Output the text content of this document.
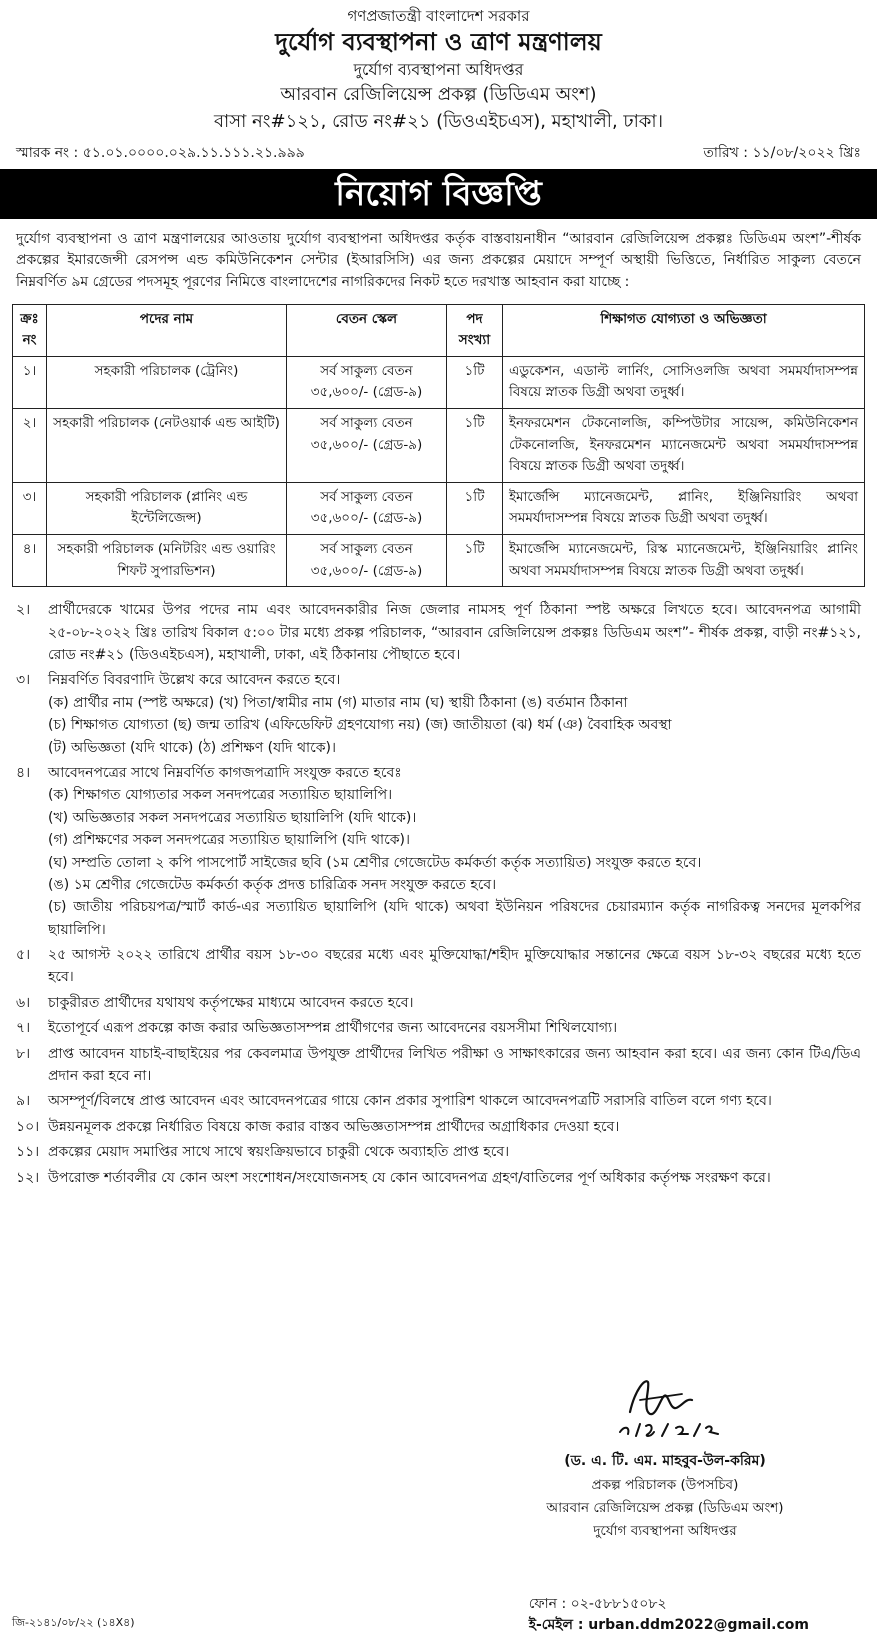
গণপ্রজাতন্ত্রী বাংলাদেশ সরকার
দুর্যোগ ব্যবস্থাপনা ও ত্রাণ মন্ত্রণালয়
দুর্যোগ ব্যবস্থাপনা অধিদপ্তর
আরবান রেজিলিয়েন্স প্রকল্প (ডিডিএম অংশ)
বাসা নং#১২১, রোড নং#২১ (ডিওএইচএস), মহাখালী, ঢাকা।
স্মারক নং : ৫১.০১.০০০০.০২৯.১১.১১১.২১.৯৯৯	তারিখ : ১১/০৮/২০২২ খ্রিঃ
নিয়োগ বিজ্ঞপ্তি
দুর্যোগ ব্যবস্থাপনা ও ত্রাণ মন্ত্রণালয়ের আওতায় দুর্যোগ ব্যবস্থাপনা অধিদপ্তর কর্তৃক বাস্তবায়নাধীন “আরবান রেজিলিয়েন্স প্রকল্পঃ ডিডিএম অংশ”-শীর্ষক প্রকল্পের ইমারজেন্সী রেসপন্স এন্ড কমিউনিকেশন সেন্টার (ইআরসিসি) এর জন্য প্রকল্পের মেয়াদে সম্পূর্ণ অস্থায়ী ভিত্তিতে, নির্ধারিত সাকুল্য বেতনে নিম্নবর্ণিত ৯ম গ্রেডের পদসমূহ পূরণের নিমিত্তে বাংলাদেশের নাগরিকদের নিকট হতে দরখাস্ত আহবান করা যাচ্ছে :
ক্রঃ নং	পদের নাম	বেতন স্কেল	পদ সংখ্যা	শিক্ষাগত যোগ্যতা ও অভিজ্ঞতা
১।	সহকারী পরিচালক (ট্রেনিং)	সর্ব সাকুল্য বেতন ৩৫,৬০০/- (গ্রেড-৯)	১টি	এডুকেশন, এডাল্ট লার্নিং, সোসিওলজি অথবা সমমর্যাদাসম্পন্ন বিষয়ে স্নাতক ডিগ্রী অথবা তদুর্ধ্ব।
২।	সহকারী পরিচালক (নেটওয়ার্ক এন্ড আইটি)	সর্ব সাকুল্য বেতন ৩৫,৬০০/- (গ্রেড-৯)	১টি	ইনফরমেশন টেকনোলজি, কম্পিউটার সায়েন্স, কমিউনিকেশন টেকনোলজি, ইনফরমেশন ম্যানেজমেন্ট অথবা সমমর্যাদাসম্পন্ন বিষয়ে স্নাতক ডিগ্রী অথবা তদুর্ধ্ব।
৩।	সহকারী পরিচালক (প্লানিং এন্ড ইন্টেলিজেন্স)	সর্ব সাকুল্য বেতন ৩৫,৬০০/- (গ্রেড-৯)	১টি	ইমার্জেন্সি ম্যানেজমেন্ট, প্লানিং, ইঞ্জিনিয়ারিং অথবা সমমর্যাদাসম্পন্ন বিষয়ে স্নাতক ডিগ্রী অথবা তদুর্ধ্ব।
৪।	সহকারী পরিচালক (মনিটরিং এন্ড ওয়ারিং শিফট সুপারভিশন)	সর্ব সাকুল্য বেতন ৩৫,৬০০/- (গ্রেড-৯)	১টি	ইমার্জেন্সি ম্যানেজমেন্ট, রিস্ক ম্যানেজমেন্ট, ইঞ্জিনিয়ারিং প্লানিং অথবা সমমর্যাদাসম্পন্ন বিষয়ে স্নাতক ডিগ্রী অথবা তদুর্ধ্ব।
২।	প্রার্থীদেরকে খামের উপর পদের নাম এবং আবেদনকারীর নিজ জেলার নামসহ পূর্ণ ঠিকানা স্পষ্ট অক্ষরে লিখতে হবে। আবেদনপত্র আগামী ২৫-০৮-২০২২ খ্রিঃ তারিখ বিকাল ৫:০০ টার মধ্যে প্রকল্প পরিচালক, “আরবান রেজিলিয়েন্স প্রকল্পঃ ডিডিএম অংশ”- শীর্ষক প্রকল্প, বাড়ী নং#১২১, রোড নং#২১ (ডিওএইচএস), মহাখালী, ঢাকা, এই ঠিকানায় পৌছাতে হবে।
৩।	নিম্নবর্ণিত বিবরণাদি উল্লেখ করে আবেদন করতে হবে।
(ক) প্রার্থীর নাম (স্পষ্ট অক্ষরে) (খ) পিতা/স্বামীর নাম (গ) মাতার নাম (ঘ) স্থায়ী ঠিকানা (ঙ) বর্তমান ঠিকানা
(চ) শিক্ষাগত যোগ্যতা (ছ) জন্ম তারিখ (এফিডেফিট গ্রহণযোগ্য নয়) (জ) জাতীয়তা (ঝ) ধর্ম (ঞ) বৈবাহিক অবস্থা
(ট) অভিজ্ঞতা (যদি থাকে) (ঠ) প্রশিক্ষণ (যদি থাকে)।
৪।	আবেদনপত্রের সাথে নিম্নবর্ণিত কাগজপত্রাদি সংযুক্ত করতে হবেঃ
(ক) শিক্ষাগত যোগ্যতার সকল সনদপত্রের সত্যায়িত ছায়ালিপি।
(খ) অভিজ্ঞতার সকল সনদপত্রের সত্যায়িত ছায়ালিপি (যদি থাকে)।
(গ) প্রশিক্ষণের সকল সনদপত্রের সত্যায়িত ছায়ালিপি (যদি থাকে)।
(ঘ) সম্প্রতি তোলা ২ কপি পাসপোর্ট সাইজের ছবি (১ম শ্রেণীর গেজেটেড কর্মকর্তা কর্তৃক সত্যায়িত) সংযুক্ত করতে হবে।
(ঙ) ১ম শ্রেণীর গেজেটেড কর্মকর্তা কর্তৃক প্রদত্ত চারিত্রিক সনদ সংযুক্ত করতে হবে।
(চ) জাতীয় পরিচয়পত্র/স্মার্ট কার্ড-এর সত্যায়িত ছায়ালিপি (যদি থাকে) অথবা ইউনিয়ন পরিষদের চেয়ারম্যান কর্তৃক নাগরিকত্ব সনদের মূলকপির ছায়ালিপি।
৫।	২৫ আগস্ট ২০২২ তারিখে প্রার্থীর বয়স ১৮-৩০ বছরের মধ্যে এবং মুক্তিযোদ্ধা/শহীদ মুক্তিযোদ্ধার সন্তানের ক্ষেত্রে বয়স ১৮-৩২ বছরের মধ্যে হতে হবে।
৬।	চাকুরীরত প্রার্থীদের যথাযথ কর্তৃপক্ষের মাধ্যমে আবেদন করতে হবে।
৭।	ইতোপূর্বে এরূপ প্রকল্পে কাজ করার অভিজ্ঞতাসম্পন্ন প্রার্থীগণের জন্য আবেদনের বয়সসীমা শিথিলযোগ্য।
৮।	প্রাপ্ত আবেদন যাচাই-বাছাইয়ের পর কেবলমাত্র উপযুক্ত প্রার্থীদের লিখিত পরীক্ষা ও সাক্ষাৎকারের জন্য আহবান করা হবে। এর জন্য কোন টিএ/ডিএ প্রদান করা হবে না।
৯।	অসম্পূর্ণ/বিলম্বে প্রাপ্ত আবেদন এবং আবেদনপত্রের গায়ে কোন প্রকার সুপারিশ থাকলে আবেদনপত্রটি সরাসরি বাতিল বলে গণ্য হবে।
১০। উন্নয়নমূলক প্রকল্পে নির্ধারিত বিষয়ে কাজ করার বাস্তব অভিজ্ঞতাসম্পন্ন প্রার্থীদের অগ্রাধিকার দেওয়া হবে।
১১। প্রকল্পের মেয়াদ সমাপ্তির সাথে সাথে স্বয়ংক্রিয়ভাবে চাকুরী থেকে অব্যাহতি প্রাপ্ত হবে।
১২। উপরোক্ত শর্তাবলীর যে কোন অংশ সংশোধন/সংযোজনসহ যে কোন আবেদনপত্র গ্রহণ/বাতিলের পূর্ণ অধিকার কর্তৃপক্ষ সংরক্ষণ করে।
(ড. এ. টি. এম. মাহবুব-উল-করিম)
প্রকল্প পরিচালক (উপসচিব)
আরবান রেজিলিয়েন্স প্রকল্প (ডিডিএম অংশ)
দুর্যোগ ব্যবস্থাপনা অধিদপ্তর
ফোন : ০২-৫৮৮১৫০৮২
ই-মেইল : urban.ddm2022@gmail.com
জি-২১৪১/০৮/২২ (১৪X৪)
